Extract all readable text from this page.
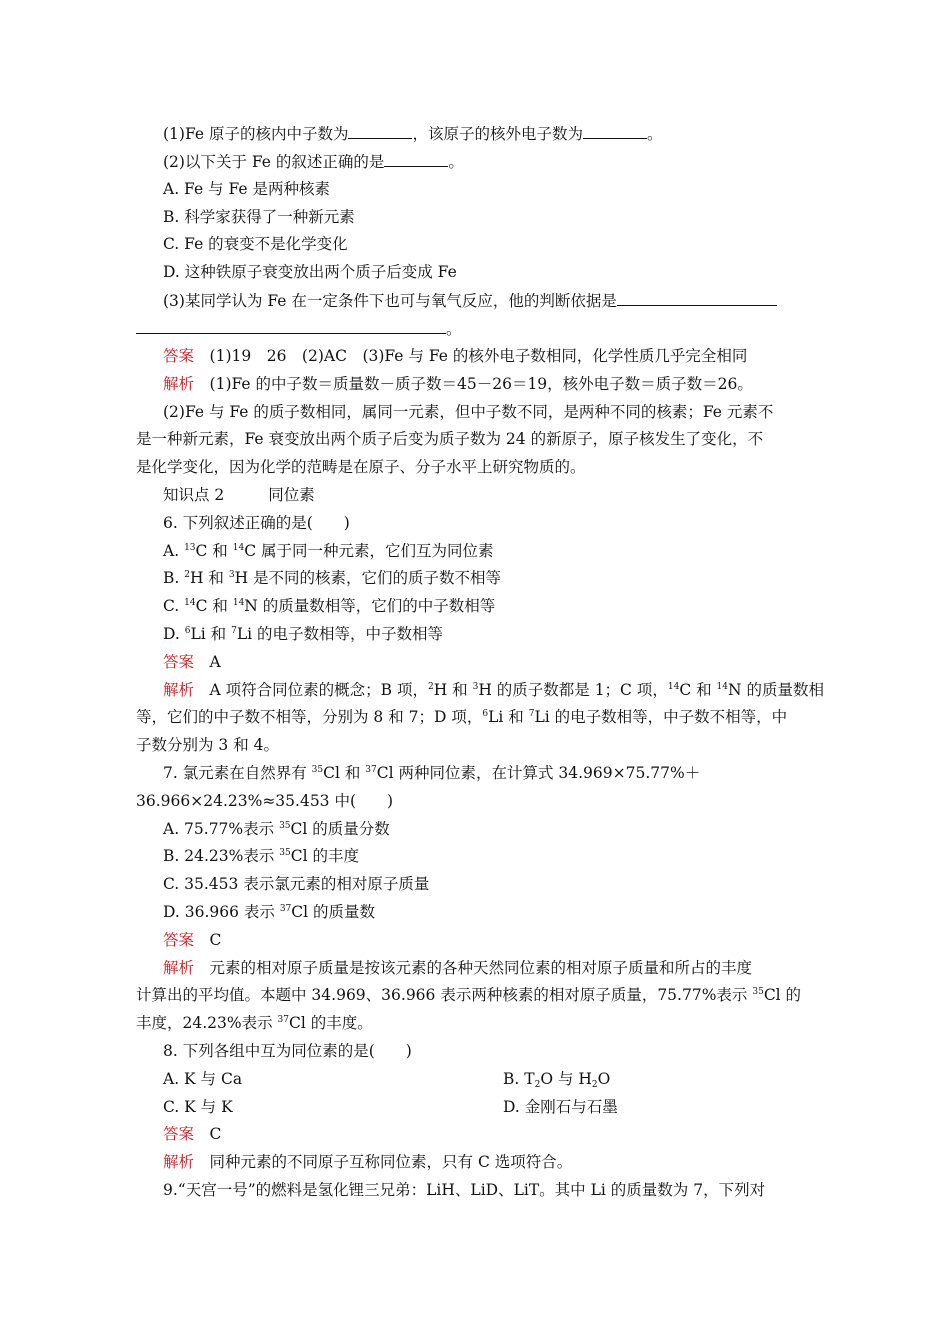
(1)Fe 原子的核内中子数为	，该原子的核外电子数为	。
(2)以下关于 Fe 的叙述正确的是	。
A. Fe 与 Fe 是两种核素
B. 科学家获得了一种新元素
C. Fe 的衰变不是化学变化
D. 这种铁原子衰变放出两个质子后变成 Fe
(3)某同学认为 Fe 在一定条件下也可与氧气反应，他的判断依据是
。
答案　 (1)19　26　(2)AC　(3)Fe 与 Fe 的核外电子数相同，化学性质几乎完全相同
解析　 (1)Fe 的中子数＝质量数－质子数＝45－26＝19，核外电子数＝质子数＝26。
(2)Fe 与 Fe 的质子数相同，属同一元素，但中子数不同，是两种不同的核素；Fe 元素不
是一种新元素，Fe 衰变放出两个质子后变为质子数为 24 的新原子，原子核发生了变化，不
是化学变化，因为化学的范畴是在原子、分子水平上研究物质的。
知识点 2	同位素
6. 下列叙述正确的是(　　)
A. $^{13}$C 和 $^{14}$C 属于同一种元素，它们互为同位素
B. $^2$H 和 $^3$H 是不同的核素，它们的质子数不相等
C. $^{14}$C 和 $^{14}$N 的质量数相等，它们的中子数相等
D. $^6$Li 和 $^7$Li 的电子数相等，中子数相等
答案　 A
解析　 A 项符合同位素的概念；B 项，$^2$H 和 $^3$H 的质子数都是 1；C 项，$^{14}$C 和 $^{14}$N 的质量数相
等，它们的中子数不相等，分别为 8 和 7；D 项，$^6$Li 和 $^7$Li 的电子数相等，中子数不相等，中
子数分别为 3 和 4。
7. 氯元素在自然界有 $^{35}$Cl 和 $^{37}$Cl 两种同位素，在计算式 34.969×75.77%＋
36.966×24.23%≈35.453 中(　　)
A. 75.77%表示 $^{35}$Cl 的质量分数
B. 24.23%表示 $^{35}$Cl 的丰度
C. 35.453 表示氯元素的相对原子质量
D. 36.966 表示 $^{37}$Cl 的质量数
答案　 C
解析　 元素的相对原子质量是按该元素的各种天然同位素的相对原子质量和所占的丰度
计算出的平均值。本题中 34.969、36.966 表示两种核素的相对原子质量，75.77%表示 $^{35}$Cl 的
丰度，24.23%表示 $^{37}$Cl 的丰度。
8. 下列各组中互为同位素的是(　　)
A. K 与 Ca	B. $T_2O$ 与 $H_2O$
C. K 与 K	D. 金刚石与石墨
答案　 C
解析　 同种元素的不同原子互称同位素，只有 C 选项符合。
9.“天宫一号”的燃料是氢化锂三兄弟：LiH、LiD、LiT。其中 Li 的质量数为 7，下列对
